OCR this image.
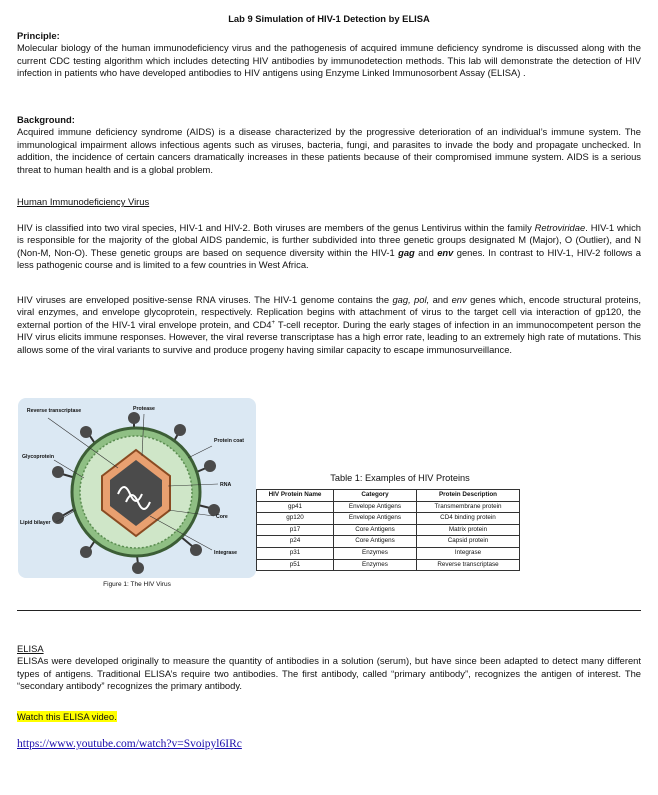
Lab 9 Simulation of HIV-1 Detection by ELISA
Principle:

Molecular biology of the human immunodeficiency virus and the pathogenesis of acquired immune deficiency syndrome is discussed along with the current CDC testing algorithm which includes detecting HIV antibodies by immunodetection methods. This lab will demonstrate the detection of HIV infection in patients who have developed antibodies to HIV antigens using Enzyme Linked Immunosorbent Assay (ELISA) .

Background:

Acquired immune deficiency syndrome (AIDS) is a disease characterized by the progressive deterioration of an individual’s immune system. The immunological impairment allows infectious agents such as viruses, bacteria, fungi, and parasites to invade the body and propagate unchecked. In addition, the incidence of certain cancers dramatically increases in these patients because of their compromised immune system. AIDS is a serious threat to human health and is a global problem.

Human Immunodeficiency Virus

HIV is classified into two viral species, HIV-1 and HIV-2. Both viruses are members of the genus Lentivirus within the family Retroviridae. HIV-1 which is responsible for the majority of the global AIDS pandemic, is further subdivided into three genetic groups designated M (Major), O (Outlier), and N (Non-M, Non-O). These genetic groups are based on sequence diversity within the HIV-1 gag and env genes. In contrast to HIV-1, HIV-2 follows a less pathogenic course and is limited to a few countries in West Africa.

HIV viruses are enveloped positive-sense RNA viruses. The HIV-1 genome contains the gag, pol, and env genes which, encode structural proteins, viral enzymes, and envelope glycoprotein, respectively. Replication begins with attachment of virus to the target cell via interaction of gp120, the external portion of the HIV-1 viral envelope protein, and CD4+ T-cell receptor. During the early stages of infection in an immunocompetent person the HIV virus elicits immune responses. However, the viral reverse transcriptase has a high error rate, leading to an extremely high rate of mutations. This allows some of the viral variants to survive and produce progeny having similar capacity to escape immunosurveillance.

Reverse transcriptase	Protease
Protein coat
Glycoprotein
RNA
Core
Lipid bilayer
Integrase
Figure 1: The HIV Virus
Table 1: Examples of HIV Proteins
HIV Protein Name	Category	Protein Description
gp41	Envelope Antigens	Transmembrane protein
gp120	Envelope Antigens	CD4 binding protein
p17	Core Antigens	Matrix protein
p24	Core Antigens	Capsid protein
p31	Enzymes	Integrase
p51	Enzymes	Reverse transcriptase
ELISA

ELISAs were developed originally to measure the quantity of antibodies in a solution (serum), but have since been adapted to detect many different types of antigens. Traditional ELISA’s require two antibodies. The first antibody, called “primary antibody”, recognizes the antigen of interest. The “secondary antibody” recognizes the primary antibody.

Watch this ELISA video.
https://www.youtube.com/watch?v=Svoipyl6IRc
